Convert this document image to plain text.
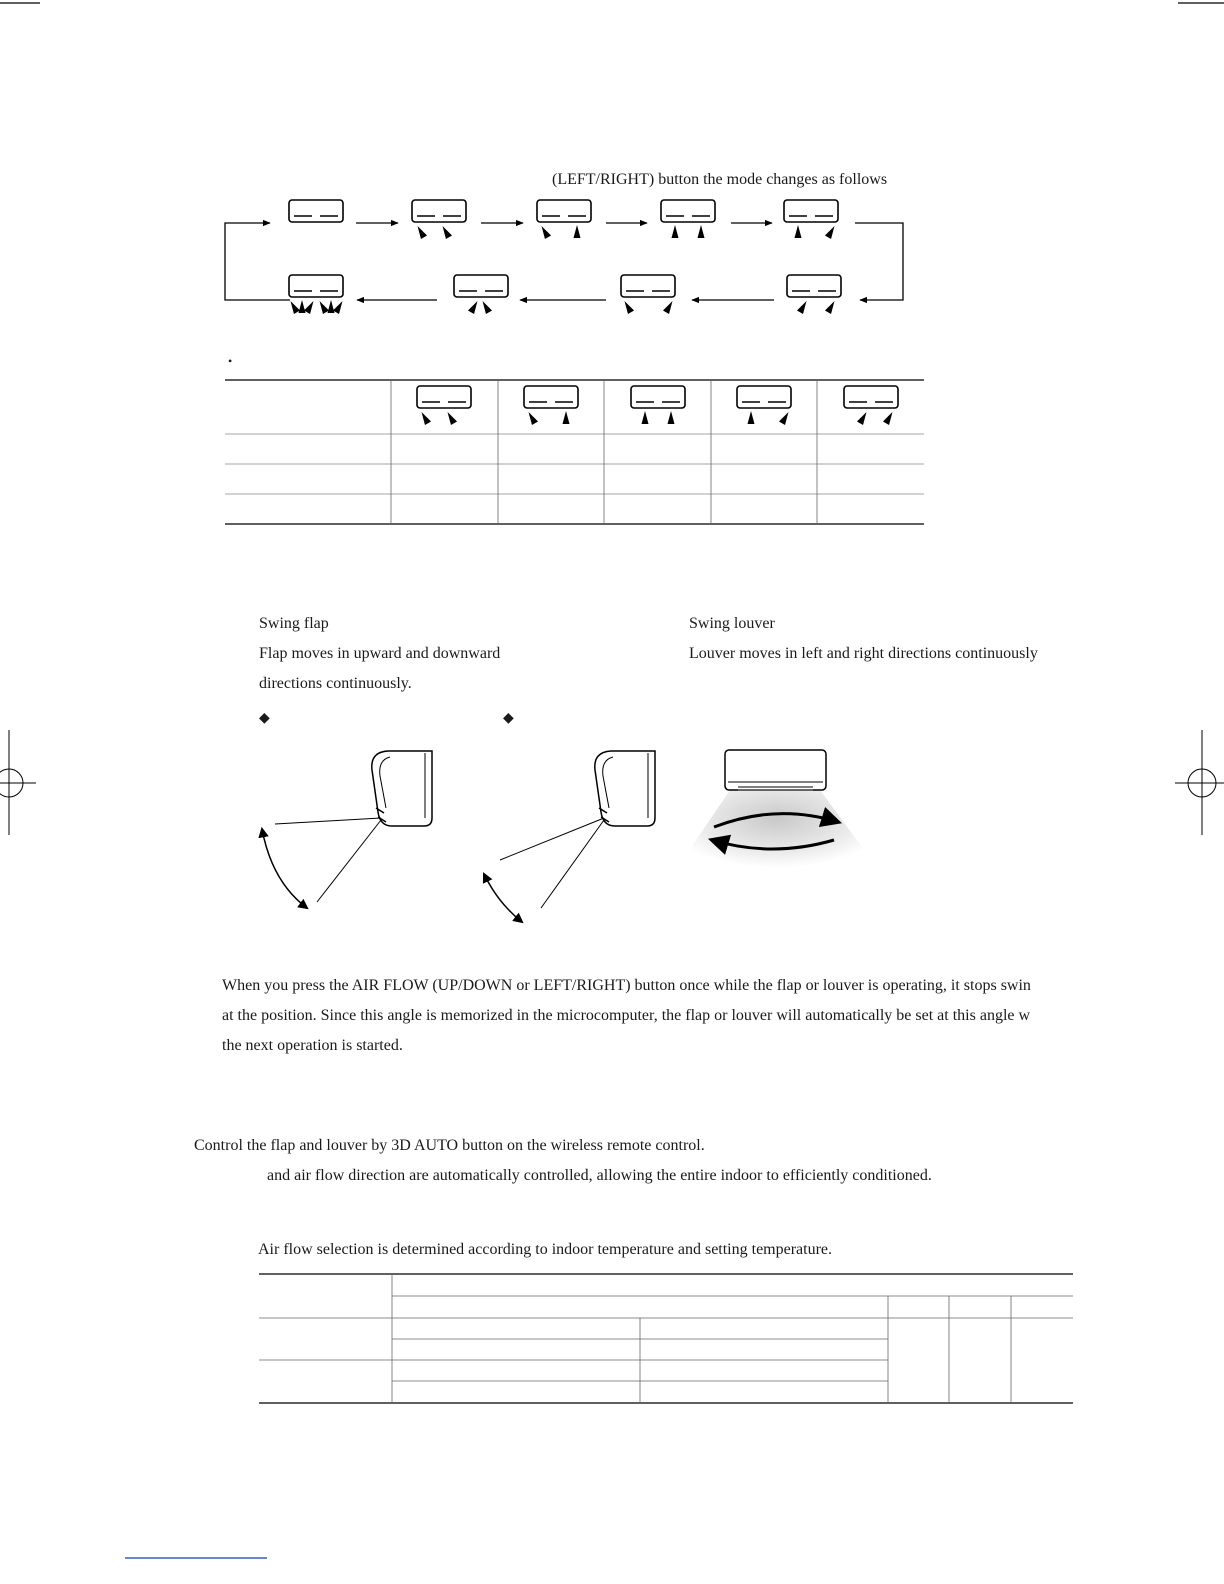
(LEFT/RIGHT) button the mode changes as follows
•
Swing flap
Flap moves in upward and downward
directions continuously.
Swing louver
Louver moves in left and right directions continuously
◆	◆
When you press the AIR FLOW (UP/DOWN or LEFT/RIGHT) button once while the flap or louver is operating, it stops swin
at the position. Since this angle is memorized in the microcomputer, the flap or louver will automatically be set at this angle w
the next operation is started.
Control the flap and louver by 3D AUTO button on the wireless remote control.
and air flow direction are automatically controlled, allowing the entire indoor to efficiently conditioned.
Air flow selection is determined according to indoor temperature and setting temperature.
